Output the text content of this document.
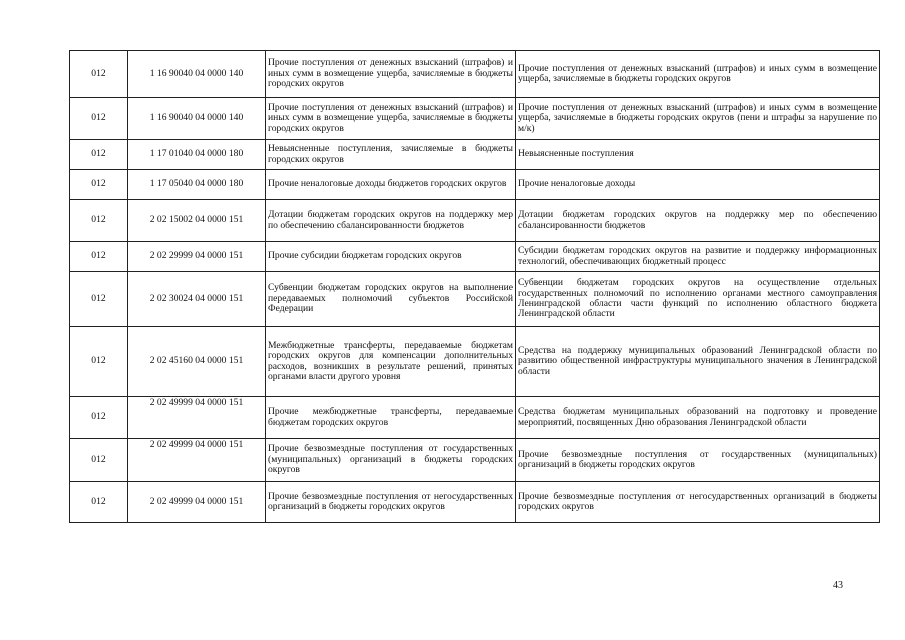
012	1 16 90040 04 0000 140	Прочие поступления от денежных взысканий (штрафов) и иных сумм в возмещение ущерба, зачисляемые в бюджеты городских округов	Прочие поступления от денежных взысканий (штрафов) и иных сумм в возмещение ущерба, зачисляемые в бюджеты городских округов
012	1 16 90040 04 0000 140	Прочие поступления от денежных взысканий (штрафов) и иных сумм в возмещение ущерба, зачисляемые в бюджеты городских округов	Прочие поступления от денежных взысканий (штрафов) и иных сумм в возмещение ущерба, зачисляемые в бюджеты городских округов (пени и штрафы за нарушение по м/к)
012	1 17 01040 04 0000 180	Невыясненные поступления, зачисляемые в бюджеты городских округов	Невыясненные поступления
012	1 17 05040 04 0000 180	Прочие неналоговые доходы бюджетов городских округов	Прочие неналоговые доходы
012	2 02 15002 04 0000 151	Дотации бюджетам городских округов на поддержку мер по обеспечению сбалансированности бюджетов	Дотации бюджетам городских округов на поддержку мер по обеспечению сбалансированности бюджетов
012	2 02 29999 04 0000 151	Прочие субсидии бюджетам городских округов	Субсидии бюджетам городских округов на развитие и поддержку информационных технологий, обеспечивающих бюджетный процесс
012	2 02 30024 04 0000 151	Субвенции бюджетам городских округов на выполнение передаваемых полномочий субъектов Российской Федерации	Субвенции бюджетам городских округов на осуществление отдельных государственных полномочий по исполнению органами местного самоуправления Ленинградской области части функций по исполнению областного бюджета Ленинградской области
012	2 02 45160 04 0000 151	Межбюджетные трансферты, передаваемые бюджетам городских округов для компенсации дополнительных расходов, возникших в результате решений, принятых органами власти другого уровня	Средства на поддержку муниципальных образований Ленинградской области по развитию общественной инфраструктуры муниципального значения в Ленинградской области
012	2 02 49999 04 0000 151	Прочие межбюджетные трансферты, передаваемые бюджетам городских округов	Средства бюджетам муниципальных образований на подготовку и проведение мероприятий, посвященных Дню образования Ленинградской области
012	2 02 49999 04 0000 151	Прочие безвозмездные поступления от государственных (муниципальных) организаций в бюджеты городских округов	Прочие безвозмездные поступления от государственных (муниципальных) организаций в бюджеты городских округов
012	2 02 49999 04 0000 151	Прочие безвозмездные поступления от негосударственных организаций в бюджеты городских округов	Прочие безвозмездные поступления от негосударственных организаций в бюджеты городских округов
43
